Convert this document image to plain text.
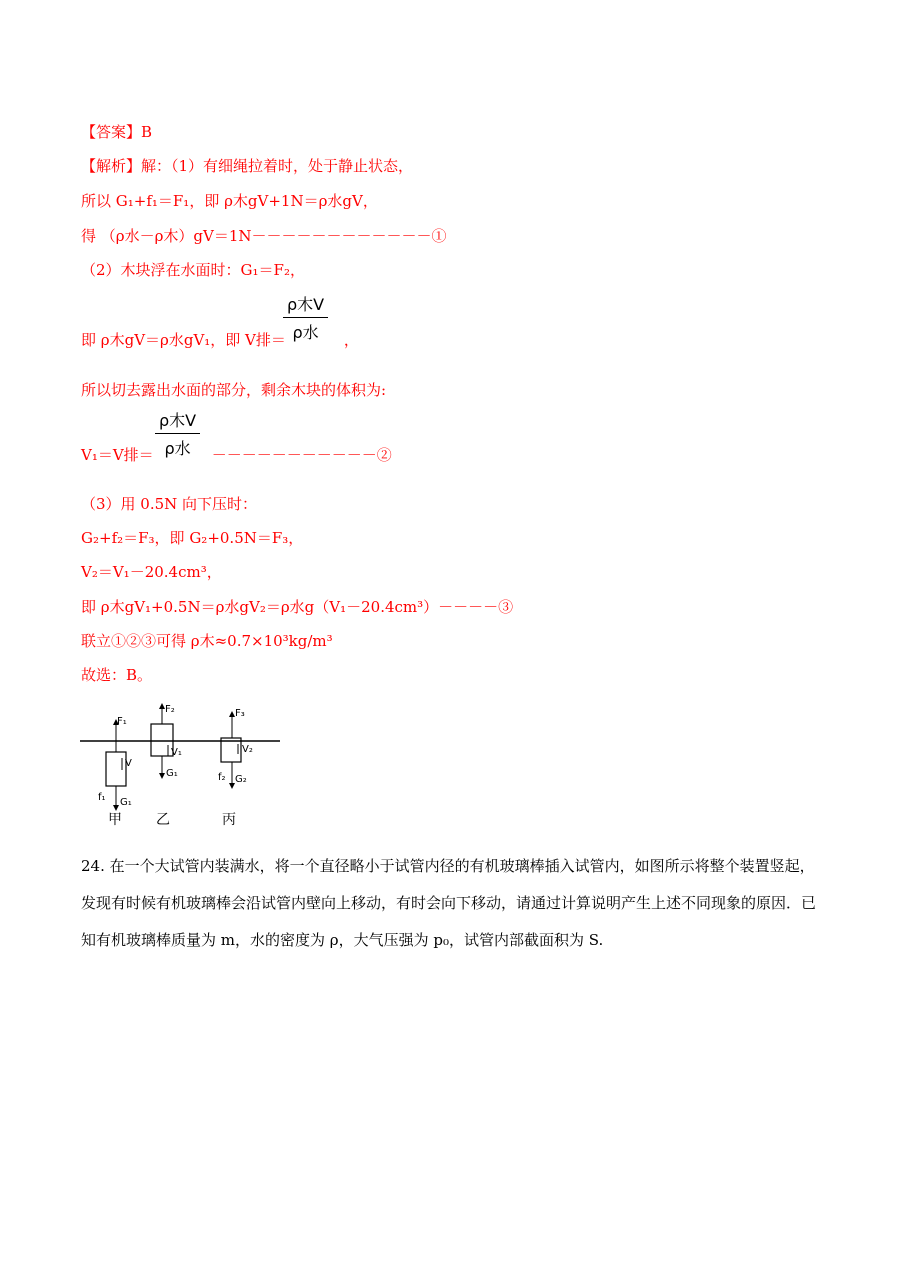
【答案】B
【解析】解：（1）有细绳拉着时，处于静止状态，
所以 G₁+f₁＝F₁，即 ρ木gV+1N＝ρ水gV，
得 （ρ水－ρ木）gV＝1N－－－－－－－－－－－－①
（2）木块浮在水面时：G₁＝F₂，
ρ木V
ρ水
即 ρ木gV＝ρ水gV₁，即 V排＝	，
所以切去露出水面的部分，剩余木块的体积为:
ρ木V
ρ水
V₁＝V排＝	－－－－－－－－－－－②
（3）用 0.5N 向下压时：
G₂+f₂＝F₃，即 G₂+0.5N＝F₃，
V₂＝V₁－20.4cm³，
即 ρ木gV₁+0.5N＝ρ水gV₂＝ρ水g（V₁－20.4cm³）－－－－③
联立①②③可得 ρ木≈0.7×10³kg/m³
故选：B。
F₁
V
f₁ G₁
F₂
V₁
G₁
F₃
V₂
f₂ G₂
甲 乙	丙
24. 在一个大试管内装满水，将一个直径略小于试管内径的有机玻璃棒插入试管内，如图所示将整个装置竖起，发现有时候有机玻璃棒会沿试管内壁向上移动，有时会向下移动，请通过计算说明产生上述不同现象的原因．已知有机玻璃棒质量为 m，水的密度为 ρ，大气压强为 p₀，试管内部截面积为 S.
